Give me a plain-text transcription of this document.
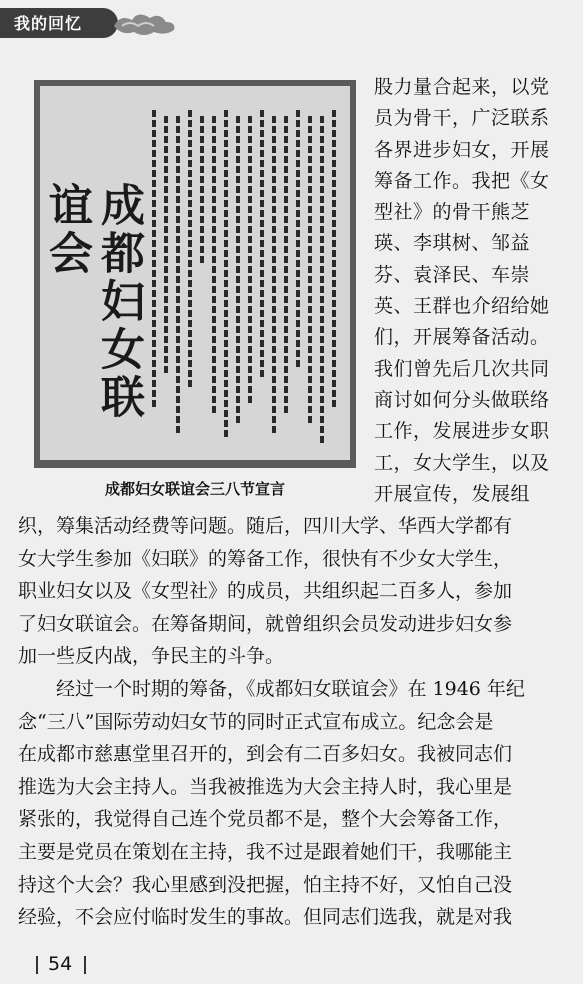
我的回忆
成都妇女联谊会
成都妇女联谊会三八节宣言
股力量合起来，以党
员为骨干，广泛联系
各界进步妇女，开展
筹备工作。我把《女
型社》的骨干熊芝
瑛、李琪树、邹益
芬、袁泽民、车崇
英、王群也介绍给她
们，开展筹备活动。
我们曾先后几次共同
商讨如何分头做联络
工作，发展进步女职
工，女大学生，以及
开展宣传，发展组
织，筹集活动经费等问题。随后，四川大学、华西大学都有
女大学生参加《妇联》的筹备工作，很快有不少女大学生，
职业妇女以及《女型社》的成员，共组织起二百多人，参加
了妇女联谊会。在筹备期间，就曾组织会员发动进步妇女参
加一些反内战，争民主的斗争。
　　经过一个时期的筹备，《成都妇女联谊会》在 1946 年纪
念“三八”国际劳动妇女节的同时正式宣布成立。纪念会是
在成都市慈惠堂里召开的，到会有二百多妇女。我被同志们
推选为大会主持人。当我被推选为大会主持人时，我心里是
紧张的，我觉得自己连个党员都不是，整个大会筹备工作，
主要是党员在策划在主持，我不过是跟着她们干，我哪能主
持这个大会？我心里感到没把握，怕主持不好，又怕自己没
经验，不会应付临时发生的事故。但同志们选我，就是对我
54
